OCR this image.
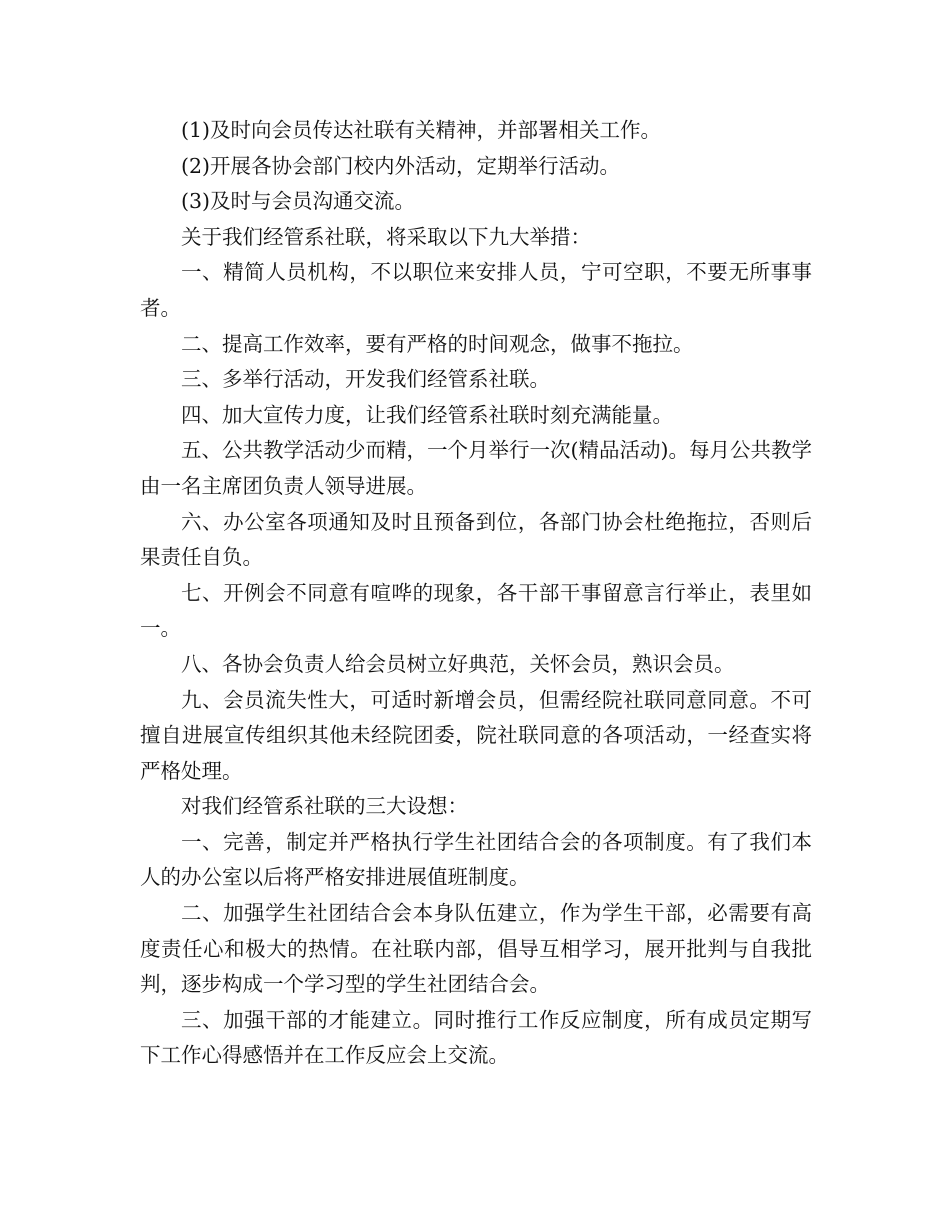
(1)及时向会员传达社联有关精神，并部署相关工作。

(2)开展各协会部门校内外活动，定期举行活动。

(3)及时与会员沟通交流。

关于我们经管系社联，将采取以下九大举措：

一、精简人员机构，不以职位来安排人员，宁可空职，不要无所事事者。

二、提高工作效率，要有严格的时间观念，做事不拖拉。

三、多举行活动，开发我们经管系社联。

四、加大宣传力度，让我们经管系社联时刻充满能量。

五、公共教学活动少而精，一个月举行一次(精品活动)。每月公共教学由一名主席团负责人领导进展。

六、办公室各项通知及时且预备到位，各部门协会杜绝拖拉，否则后果责任自负。

七、开例会不同意有喧哗的现象，各干部干事留意言行举止，表里如一。

八、各协会负责人给会员树立好典范，关怀会员，熟识会员。

九、会员流失性大，可适时新增会员，但需经院社联同意同意。不可擅自进展宣传组织其他未经院团委，院社联同意的各项活动，一经查实将严格处理。

对我们经管系社联的三大设想：

一、完善，制定并严格执行学生社团结合会的各项制度。有了我们本人的办公室以后将严格安排进展值班制度。

二、加强学生社团结合会本身队伍建立，作为学生干部，必需要有高度责任心和极大的热情。在社联内部，倡导互相学习，展开批判与自我批判，逐步构成一个学习型的学生社团结合会。

三、加强干部的才能建立。同时推行工作反应制度，所有成员定期写下工作心得感悟并在工作反应会上交流。
